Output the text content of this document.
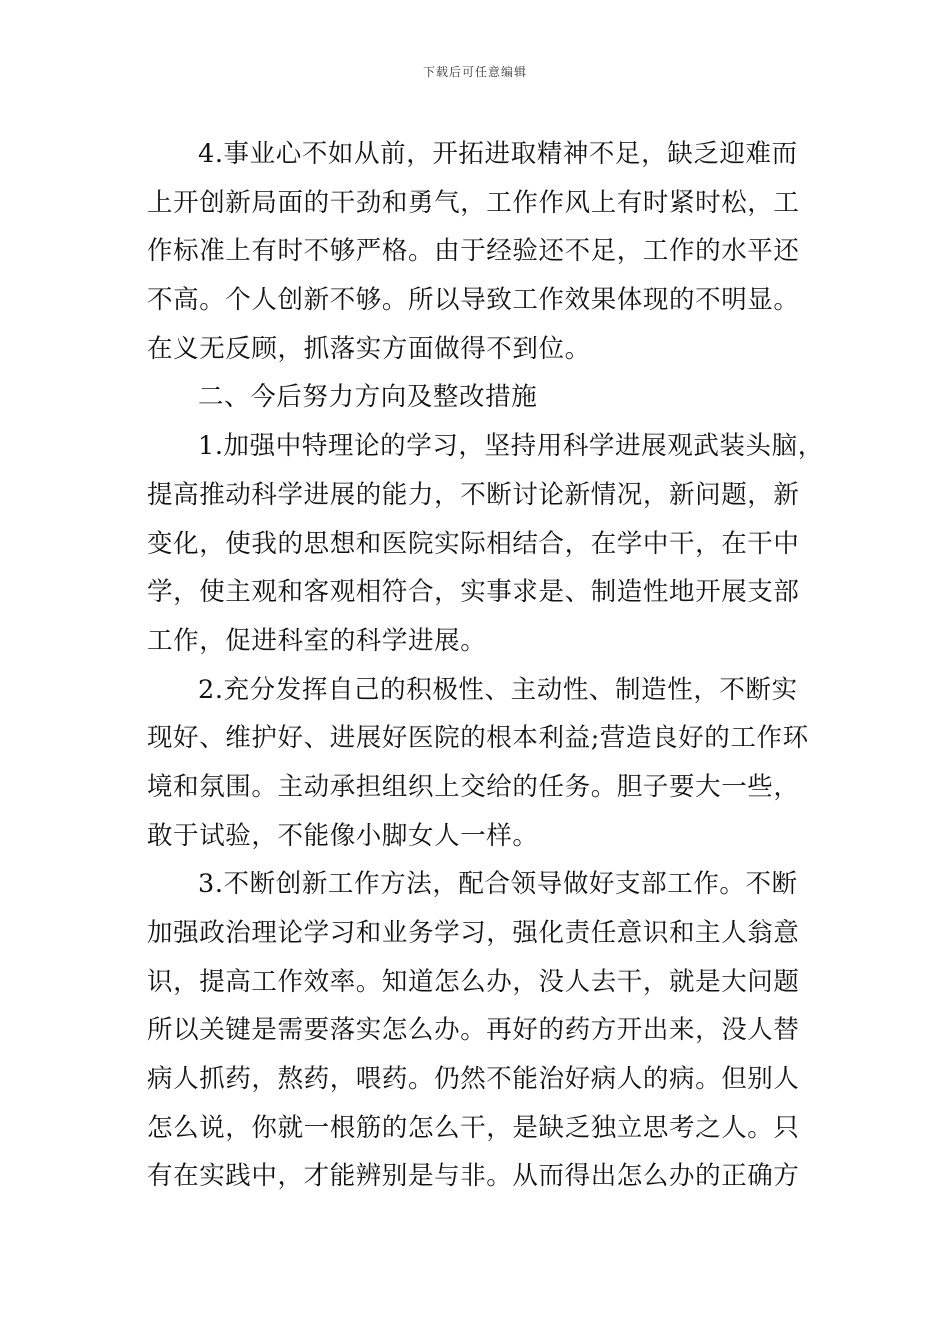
下载后可任意编辑
4.事业心不如从前，开拓进取精神不足，缺乏迎难而
上开创新局面的干劲和勇气，工作作风上有时紧时松，工
作标准上有时不够严格。由于经验还不足，工作的水平还
不高。个人创新不够。所以导致工作效果体现的不明显。
在义无反顾，抓落实方面做得不到位。
二、今后努力方向及整改措施
1.加强中特理论的学习，坚持用科学进展观武装头脑，
提高推动科学进展的能力，不断讨论新情况，新问题，新
变化，使我的思想和医院实际相结合，在学中干，在干中
学，使主观和客观相符合，实事求是、制造性地开展支部
工作，促进科室的科学进展。
2.充分发挥自己的积极性、主动性、制造性，不断实
现好、维护好、进展好医院的根本利益;营造良好的工作环
境和氛围。主动承担组织上交给的任务。胆子要大一些，
敢于试验，不能像小脚女人一样。
3.不断创新工作方法，配合领导做好支部工作。不断
加强政治理论学习和业务学习，强化责任意识和主人翁意
识，提高工作效率。知道怎么办，没人去干，就是大问题
所以关键是需要落实怎么办。再好的药方开出来，没人替
病人抓药，熬药，喂药。仍然不能治好病人的病。但别人
怎么说，你就一根筋的怎么干，是缺乏独立思考之人。只
有在实践中，才能辨别是与非。从而得出怎么办的正确方
